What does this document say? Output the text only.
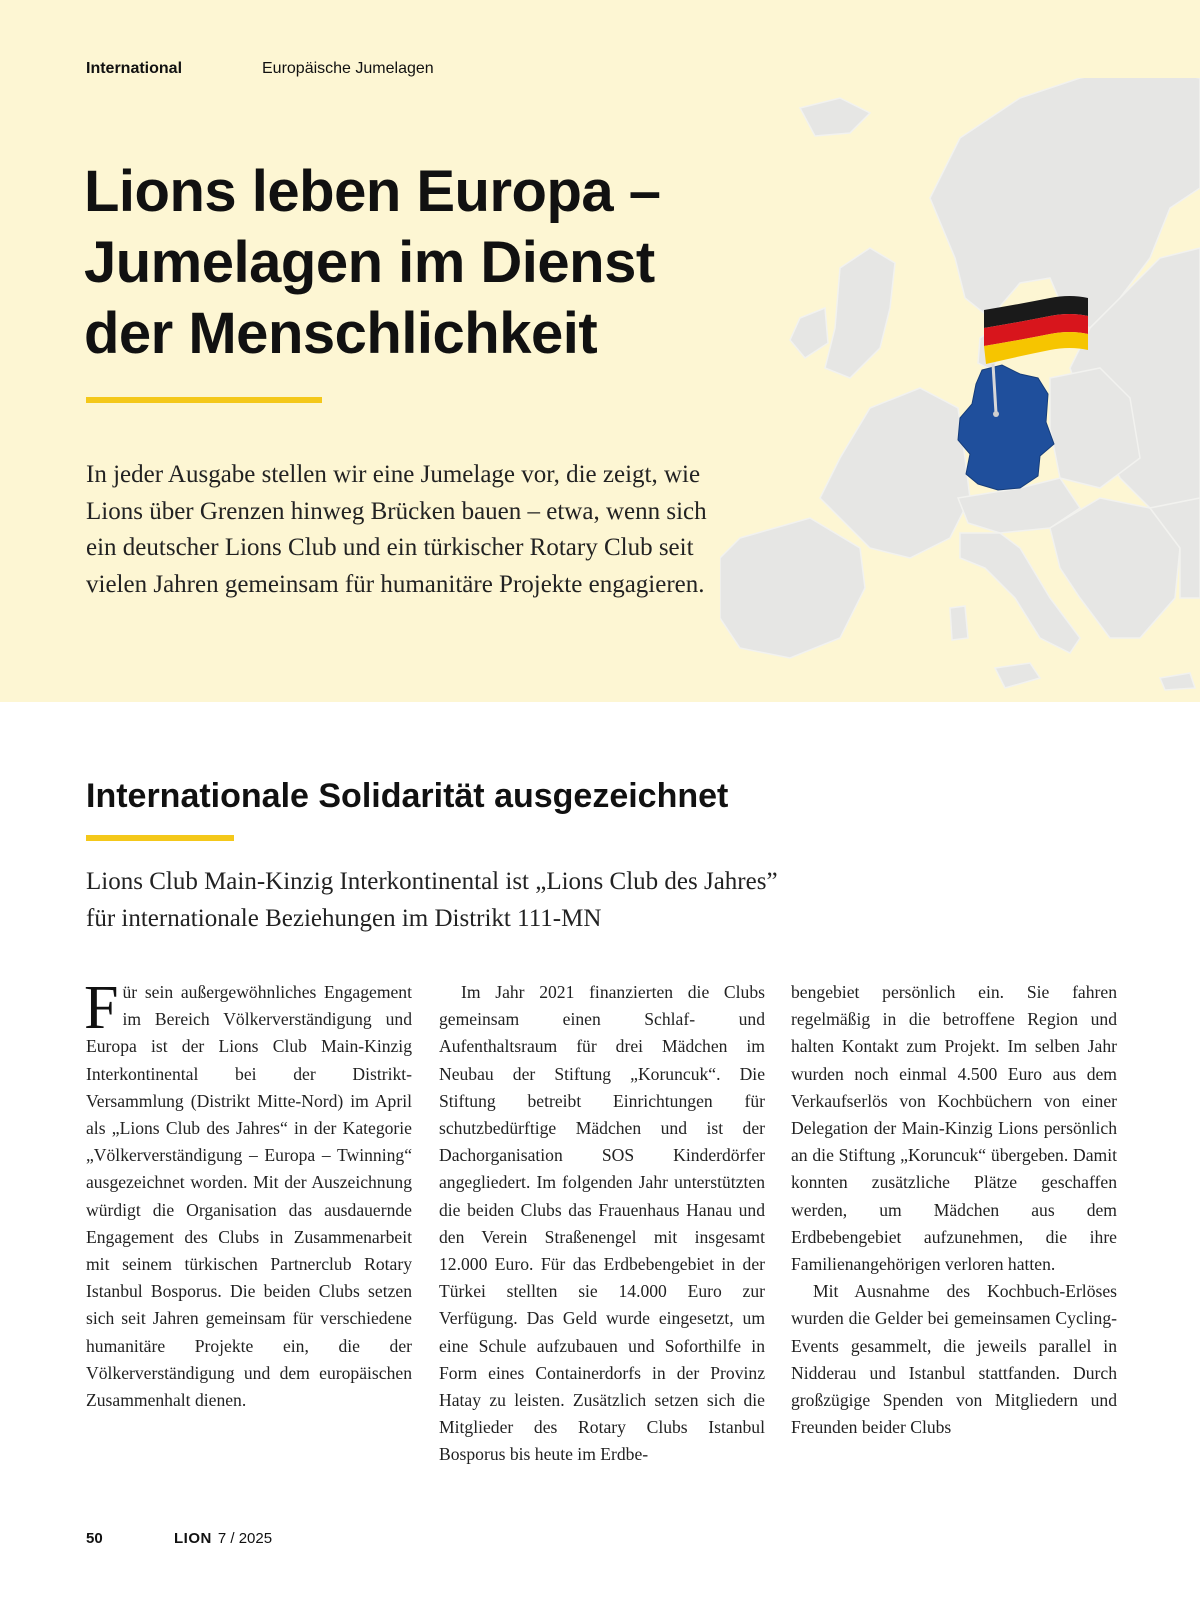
International	Europäische Jumelagen
Lions leben Europa –
Jumelagen im Dienst
der Menschlichkeit

In jeder Ausgabe stellen wir eine Jumelage vor, die zeigt, wie Lions über Grenzen hinweg Brücken bauen – etwa, wenn sich ein deutscher Lions Club und ein türkischer Rotary Club seit vielen Jahren gemeinsam für humanitäre Projekte engagieren.

Internationale Solidarität ausgezeichnet

Lions Club Main-Kinzig Interkontinental ist „Lions Club des Jahres”
für internationale Beziehungen im Distrikt 111-MN

Für sein außergewöhnliches Engagement im Bereich Völkerverständigung und Europa ist der Lions Club Main-Kinzig Interkontinental bei der Distrikt-Versammlung (Distrikt Mitte-Nord) im April als „Lions Club des Jahres“ in der Kategorie „Völkerverständigung – Europa – Twinning“ ausgezeichnet worden. Mit der Auszeichnung würdigt die Organisation das ausdauernde Engagement des Clubs in Zusammenarbeit mit seinem türkischen Partnerclub Rotary Istanbul Bosporus. Die beiden Clubs setzen sich seit Jahren gemeinsam für verschiedene humanitäre Projekte ein, die der Völkerverständigung und dem europäischen Zusammenhalt dienen.

Im Jahr 2021 finanzierten die Clubs gemeinsam einen Schlaf- und Aufenthaltsraum für drei Mädchen im Neubau der Stiftung „Koruncuk“. Die Stiftung betreibt Einrichtungen für schutzbedürftige Mädchen und ist der Dachorganisation SOS Kinderdörfer angegliedert. Im folgenden Jahr unterstützten die beiden Clubs das Frauenhaus Hanau und den Verein Straßenengel mit insgesamt 12.000 Euro. Für das Erdbebengebiet in der Türkei stellten sie 14.000 Euro zur Verfügung. Das Geld wurde eingesetzt, um eine Schule aufzubauen und Soforthilfe in Form eines Containerdorfs in der Provinz Hatay zu leisten. Zusätzlich setzen sich die Mitglieder des Rotary Clubs Istanbul Bosporus bis heute im Erdbe-

bengebiet persönlich ein. Sie fahren regelmäßig in die betroffene Region und halten Kontakt zum Projekt. Im selben Jahr wurden noch einmal 4.500 Euro aus dem Verkaufserlös von Kochbüchern von einer Delegation der Main-Kinzig Lions persönlich an die Stiftung „Koruncuk“ übergeben. Damit konnten zusätzliche Plätze geschaffen werden, um Mädchen aus dem Erdbebengebiet aufzunehmen, die ihre Familienangehörigen verloren hatten.

Mit Ausnahme des Kochbuch-Erlöses wurden die Gelder bei gemeinsamen Cycling-Events gesammelt, die jeweils parallel in Nidderau und Istanbul stattfanden. Durch großzügige Spenden von Mitgliedern und Freunden beider Clubs

50	LION 7 / 2025
